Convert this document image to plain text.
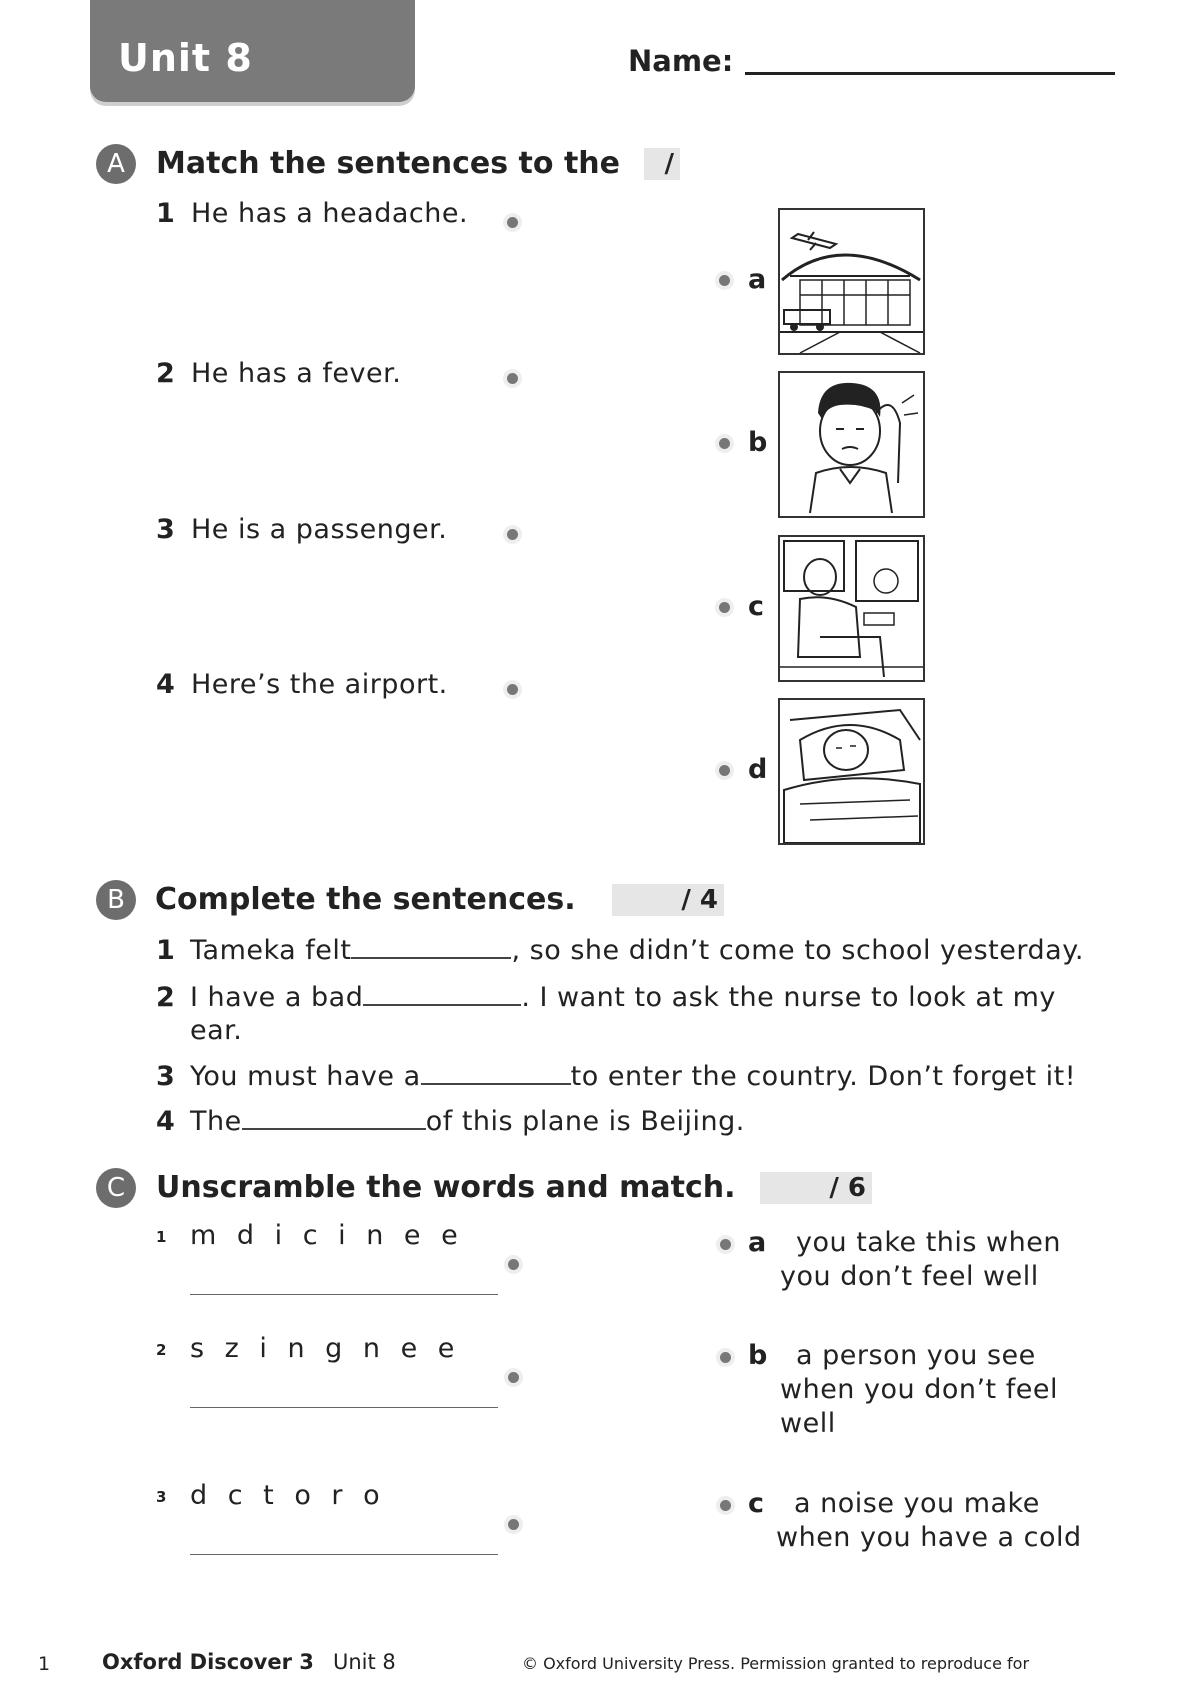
Unit 8	Name:
A	Match the sentences to the	/
1 He has a headache.
2 He has a fever.
3 He is a passenger.
4 Here’s the airport.
a
b
c
d
B	Complete the sentences.	/ 4
1 Tameka felt	, so she didn’t come to school yesterday.
2 I have a bad	. I want to ask the nurse to look at my
ear.
3 You must have a	to enter the country. Don’t forget it!
4 The	of this plane is Beijing.
C	Unscramble the words and match.	/ 6
1 m d i c i n e e
2 s z i n g n e e
3 d c t o r o
a you take this when
you don’t feel well
b a person you see
when you don’t feel
well
c a noise you make
when you have a cold
1 Oxford Discover 3 Unit 8	© Oxford University Press. Permission granted to reproduce for
